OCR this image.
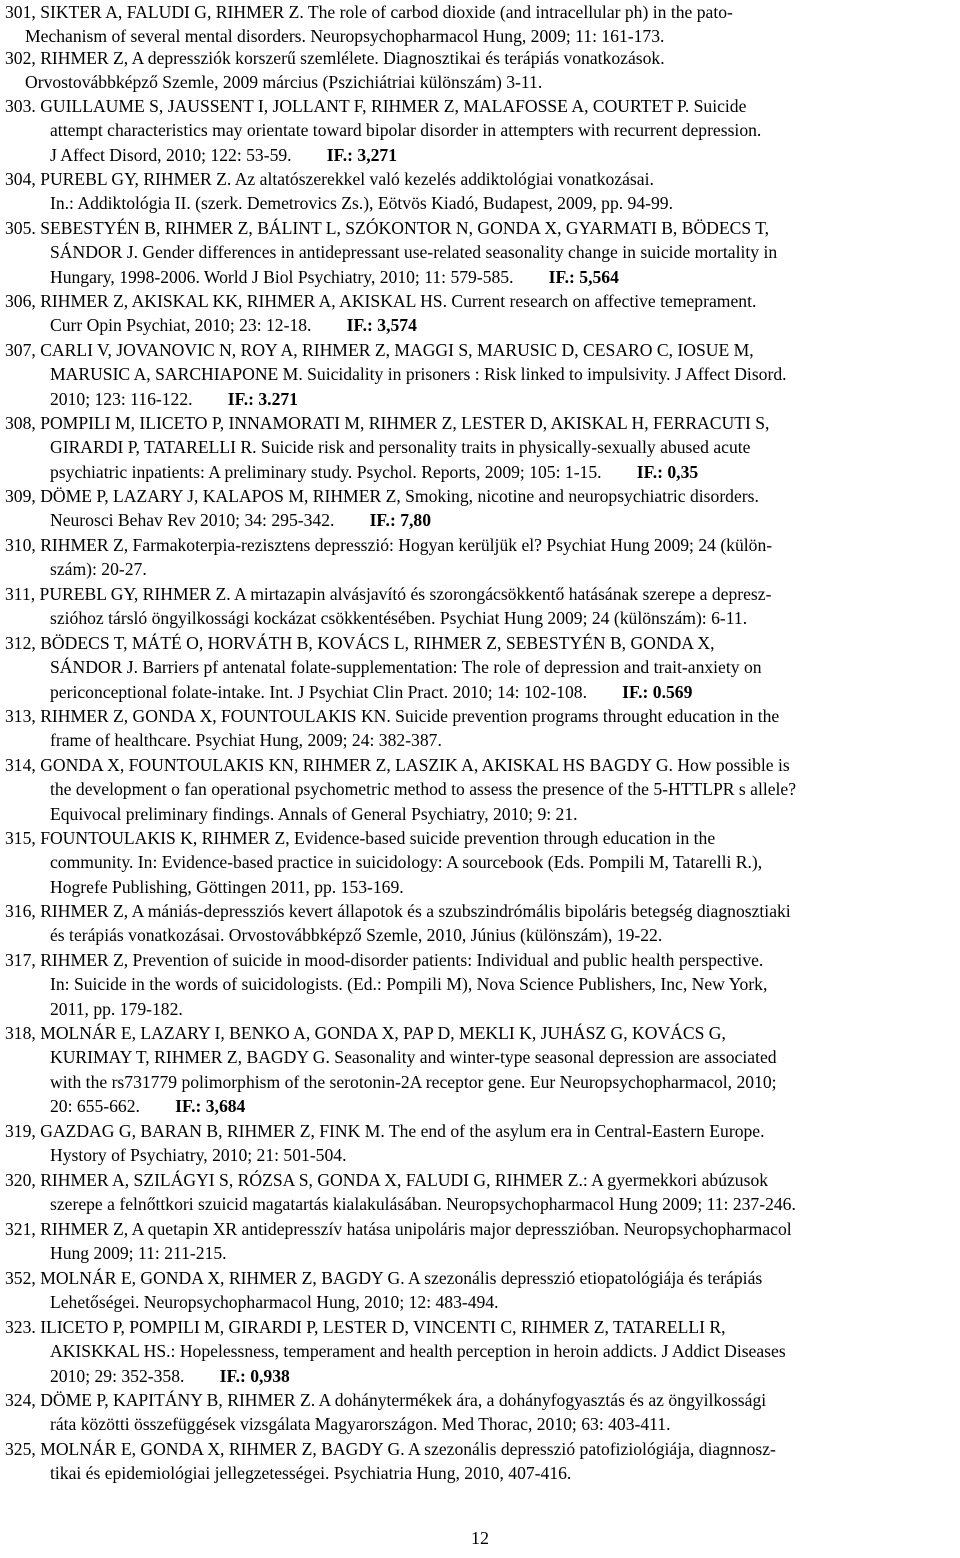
301, SIKTER A, FALUDI G, RIHMER Z. The role of carbod dioxide (and intracellular ph) in the pato-
Mechanism of several mental disorders. Neuropsychopharmacol Hung, 2009; 11: 161-173.
302, RIHMER Z, A depressziók korszerű szemlélete. Diagnosztikai és terápiás vonatkozások.
Orvostovábbképző Szemle, 2009 március (Pszichiátriai különszám) 3-11.
303. GUILLAUME S, JAUSSENT I, JOLLANT F, RIHMER Z, MALAFOSSE A, COURTET P. Suicide
attempt characteristics may orientate toward bipolar disorder in attempters with recurrent depression.
J Affect Disord, 2010; 122: 53-59. IF.: 3,271
304, PUREBL GY, RIHMER Z. Az altatószerekkel való kezelés addiktológiai vonatkozásai.
In.: Addiktológia II. (szerk. Demetrovics Zs.), Eötvös Kiadó, Budapest, 2009, pp. 94-99.
305. SEBESTYÉN B, RIHMER Z, BÁLINT L, SZÓKONTOR N, GONDA X, GYARMATI B, BÖDECS T,
SÁNDOR J. Gender differences in antidepressant use-related seasonality change in suicide mortality in
Hungary, 1998-2006. World J Biol Psychiatry, 2010; 11: 579-585. IF.: 5,564
306, RIHMER Z, AKISKAL KK, RIHMER A, AKISKAL HS. Current research on affective temeprament.
Curr Opin Psychiat, 2010; 23: 12-18. IF.: 3,574
307, CARLI V, JOVANOVIC N, ROY A, RIHMER Z, MAGGI S, MARUSIC D, CESARO C, IOSUE M,
MARUSIC A, SARCHIAPONE M. Suicidality in prisoners : Risk linked to impulsivity. J Affect Disord.
2010; 123: 116-122. IF.: 3.271
308, POMPILI M, ILICETO P, INNAMORATI M, RIHMER Z, LESTER D, AKISKAL H, FERRACUTI S,
GIRARDI P, TATARELLI R. Suicide risk and personality traits in physically-sexually abused acute
psychiatric inpatients: A preliminary study. Psychol. Reports, 2009; 105: 1-15. IF.: 0,35
309, DÖME P, LAZARY J, KALAPOS M, RIHMER Z, Smoking, nicotine and neuropsychiatric disorders.
Neurosci Behav Rev 2010; 34: 295-342. IF.: 7,80
310, RIHMER Z, Farmakoterpia-rezisztens depresszió: Hogyan kerüljük el? Psychiat Hung 2009; 24 (külön-
szám): 20-27.
311, PUREBL GY, RIHMER Z. A mirtazapin alvásjavító és szorongácsökkentő hatásának szerepe a depresz-
szióhoz társló öngyilkossági kockázat csökkentésében. Psychiat Hung 2009; 24 (különszám): 6-11.
312, BÖDECS T, MÁTÉ O, HORVÁTH B, KOVÁCS L, RIHMER Z, SEBESTYÉN B, GONDA X,
SÁNDOR J. Barriers pf antenatal folate-supplementation: The role of depression and trait-anxiety on
periconceptional folate-intake. Int. J Psychiat Clin Pract. 2010; 14: 102-108. IF.: 0.569
313, RIHMER Z, GONDA X, FOUNTOULAKIS KN. Suicide prevention programs throught education in the
frame of healthcare. Psychiat Hung, 2009; 24: 382-387.
314, GONDA X, FOUNTOULAKIS KN, RIHMER Z, LASZIK A, AKISKAL HS BAGDY G. How possible is
the development o fan operational psychometric method to assess the presence of the 5-HTTLPR s allele?
Equivocal preliminary findings. Annals of General Psychiatry, 2010; 9: 21.
315, FOUNTOULAKIS K, RIHMER Z, Evidence-based suicide prevention through education in the
community. In: Evidence-based practice in suicidology: A sourcebook (Eds. Pompili M, Tatarelli R.),
Hogrefe Publishing, Göttingen 2011, pp. 153-169.
316, RIHMER Z, A mániás-depressziós kevert állapotok és a szubszindrómális bipoláris betegség diagnosztiaki
és terápiás vonatkozásai. Orvostovábbképző Szemle, 2010, Június (különszám), 19-22.
317, RIHMER Z, Prevention of suicide in mood-disorder patients: Individual and public health perspective.
In: Suicide in the words of suicidologists. (Ed.: Pompili M), Nova Science Publishers, Inc, New York,
2011, pp. 179-182.
318, MOLNÁR E, LAZARY I, BENKO A, GONDA X, PAP D, MEKLI K, JUHÁSZ G, KOVÁCS G,
KURIMAY T, RIHMER Z, BAGDY G. Seasonality and winter-type seasonal depression are associated
with the rs731779 polimorphism of the serotonin-2A receptor gene. Eur Neuropsychopharmacol, 2010;
20: 655-662. IF.: 3,684
319, GAZDAG G, BARAN B, RIHMER Z, FINK M. The end of the asylum era in Central-Eastern Europe.
Hystory of Psychiatry, 2010; 21: 501-504.
320, RIHMER A, SZILÁGYI S, RÓZSA S, GONDA X, FALUDI G, RIHMER Z.: A gyermekkori abúzusok
szerepe a felnőttkori szuicid magatartás kialakulásában. Neuropsychopharmacol Hung 2009; 11: 237-246.
321, RIHMER Z, A quetapin XR antidepresszív hatása unipoláris major depresszióban. Neuropsychopharmacol
Hung 2009; 11: 211-215.
352, MOLNÁR E, GONDA X, RIHMER Z, BAGDY G. A szezonális depresszió etiopatológiája és terápiás
Lehetőségei. Neuropsychopharmacol Hung, 2010; 12: 483-494.
323. ILICETO P, POMPILI M, GIRARDI P, LESTER D, VINCENTI C, RIHMER Z, TATARELLI R,
AKISKKAL HS.: Hopelessness, temperament and health perception in heroin addicts. J Addict Diseases
2010; 29: 352-358. IF.: 0,938
324, DÖME P, KAPITÁNY B, RIHMER Z. A dohánytermékek ára, a dohányfogyasztás és az öngyilkossági
ráta közötti összefüggések vizsgálata Magyarországon. Med Thorac, 2010; 63: 403-411.
325, MOLNÁR E, GONDA X, RIHMER Z, BAGDY G. A szezonális depresszió patofiziológiája, diagnnosz-
tikai és epidemiológiai jellegzetességei. Psychiatria Hung, 2010, 407-416.
12
